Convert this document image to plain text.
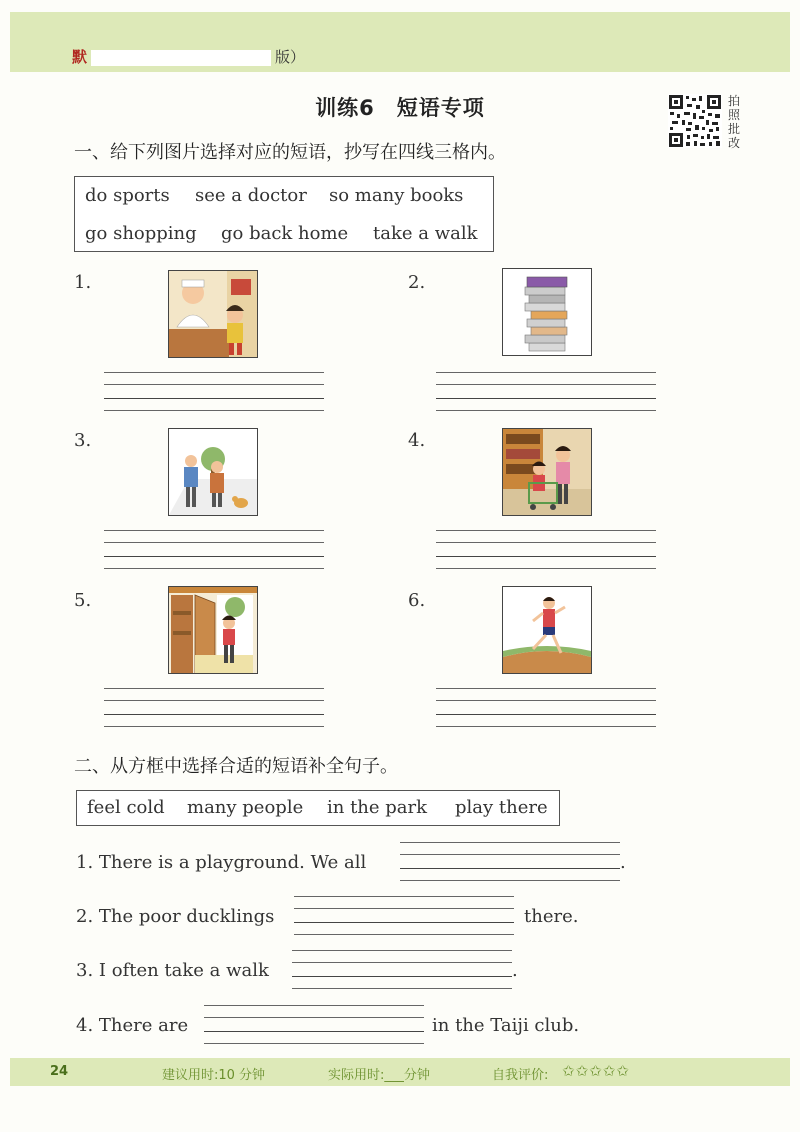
默	版）
训练6　短语专项	拍照批改
一、给下列图片选择对应的短语，抄写在四线三格内。
do sports see a doctor so many books
go shopping go back home take a walk
1.	2.
3.	4.
5.	6.
二、从方框中选择合适的短语补全句子。
feel cold many people in the park play there
1. There is a playground. We all	.
2. The poor ducklings	there.
3. I often take a walk	.
4. There are	in the Taiji club.
24	建议用时:10 分钟	实际用时:___分钟	自我评价: ✩✩✩✩✩
